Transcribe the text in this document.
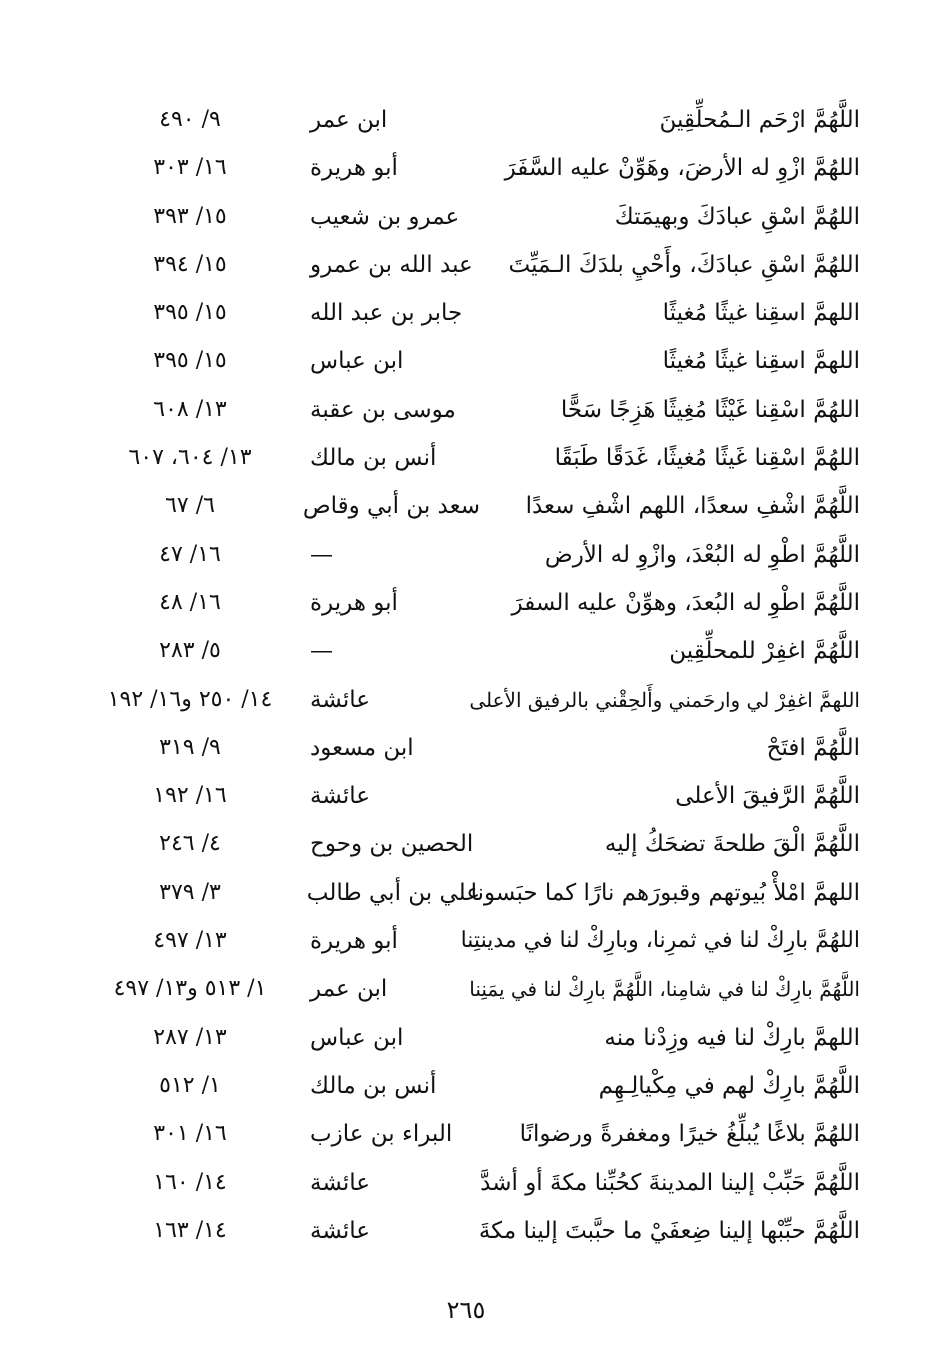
اللَّهُمَّ ارْحَم الـمُحلِّقِينَ
ابن عمر
٩/ ٤٩٠
اللهُمَّ ازْوِ له الأرضَ، وهَوِّنْ عليه السَّفَرَ
أبو هريرة
١٦/ ٣٠٣
اللهُمَّ اسْقِ عبادَكَ وبهيمَتكَ
عمرو بن شعيب
١٥/ ٣٩٣
اللهُمَّ اسْقِ عبادَكَ، وأَحْيِ بلدَكَ الـمَيِّتَ
عبد الله بن عمرو
١٥/ ٣٩٤
اللهمَّ اسقِنا غيثًا مُغيثًا
جابر بن عبد الله
١٥/ ٣٩٥
اللهمَّ اسقِنا غيثًا مُغيثًا
ابن عباس
١٥/ ٣٩٥
اللهُمَّ اسْقِنا غَيْثًا مُغِيثًا هَزِجًا سَحًّا
موسى بن عقبة
١٣/ ٦٠٨
اللهُمَّ اسْقِنا غَيثًا مُغيثًا، غَدَقًا طَبَقًا
أنس بن مالك
١٣/ ٦٠٤، ٦٠٧
اللَّهُمَّ اشْفِ سعدًا، اللهم اشْفِ سعدًا
سعد بن أبي وقاص
٦/ ٦٧
اللَّهُمَّ اطْوِ له البُعْدَ، وازْوِ له الأرض
—
١٦/ ٤٧
اللَّهُمَّ اطْوِ له البُعدَ، وهوِّنْ عليه السفرَ
أبو هريرة
١٦/ ٤٨
اللَّهُمَّ اغفِرْ للمحلِّقِين
—
٥/ ٢٨٣
اللهمَّ اغفِرْ لي وارحَمني وأَلحِقْني بالرفيق الأعلى
عائشة
١٤/ ٢٥٠ و١٦/ ١٩٢
اللَّهُمَّ افتَحْ
ابن مسعود
٩/ ٣١٩
اللَّهُمَّ الرَّفيقَ الأعلى
عائشة
١٦/ ١٩٢
اللَّهُمَّ الْقَ طلحةَ تضحَكُ إليه
الحصين بن وحوح
٤/ ٢٤٦
اللهمَّ امْلأْ بُيوتهم وقبورَهم نارًا كما حبَسونا
علي بن أبي طالب
٣/ ٣٧٩
اللهُمَّ بارِكْ لنا في ثمرِنا، وبارِكْ لنا في مدينتِنا
أبو هريرة
١٣/ ٤٩٧
اللَّهُمَّ بارِكْ لنا في شامِنا، اللَّهُمَّ بارِكْ لنا في يمَنِنا
ابن عمر
١/ ٥١٣ و١٣/ ٤٩٧
اللهمَّ بارِكْ لنا فيه وزِدْنا منه
ابن عباس
١٣/ ٢٨٧
اللَّهُمَّ بارِكْ لهم في مِكْيالِـهِم
أنس بن مالك
١/ ٥١٢
اللهُمَّ بلاغًا يُبلِّغُ خيرًا ومغفرةً ورضوانًا
البراء بن عازب
١٦/ ٣٠١
اللَّهُمَّ حَبِّبْ إلينا المدينةَ كحُبِّنا مكةَ أو أشدَّ
عائشة
١٤/ ١٦٠
اللَّهُمَّ حبِّبْها إلينا ضِعفَيْ ما حبَّبتَ إلينا مكةَ
عائشة
١٤/ ١٦٣
٢٦٥
